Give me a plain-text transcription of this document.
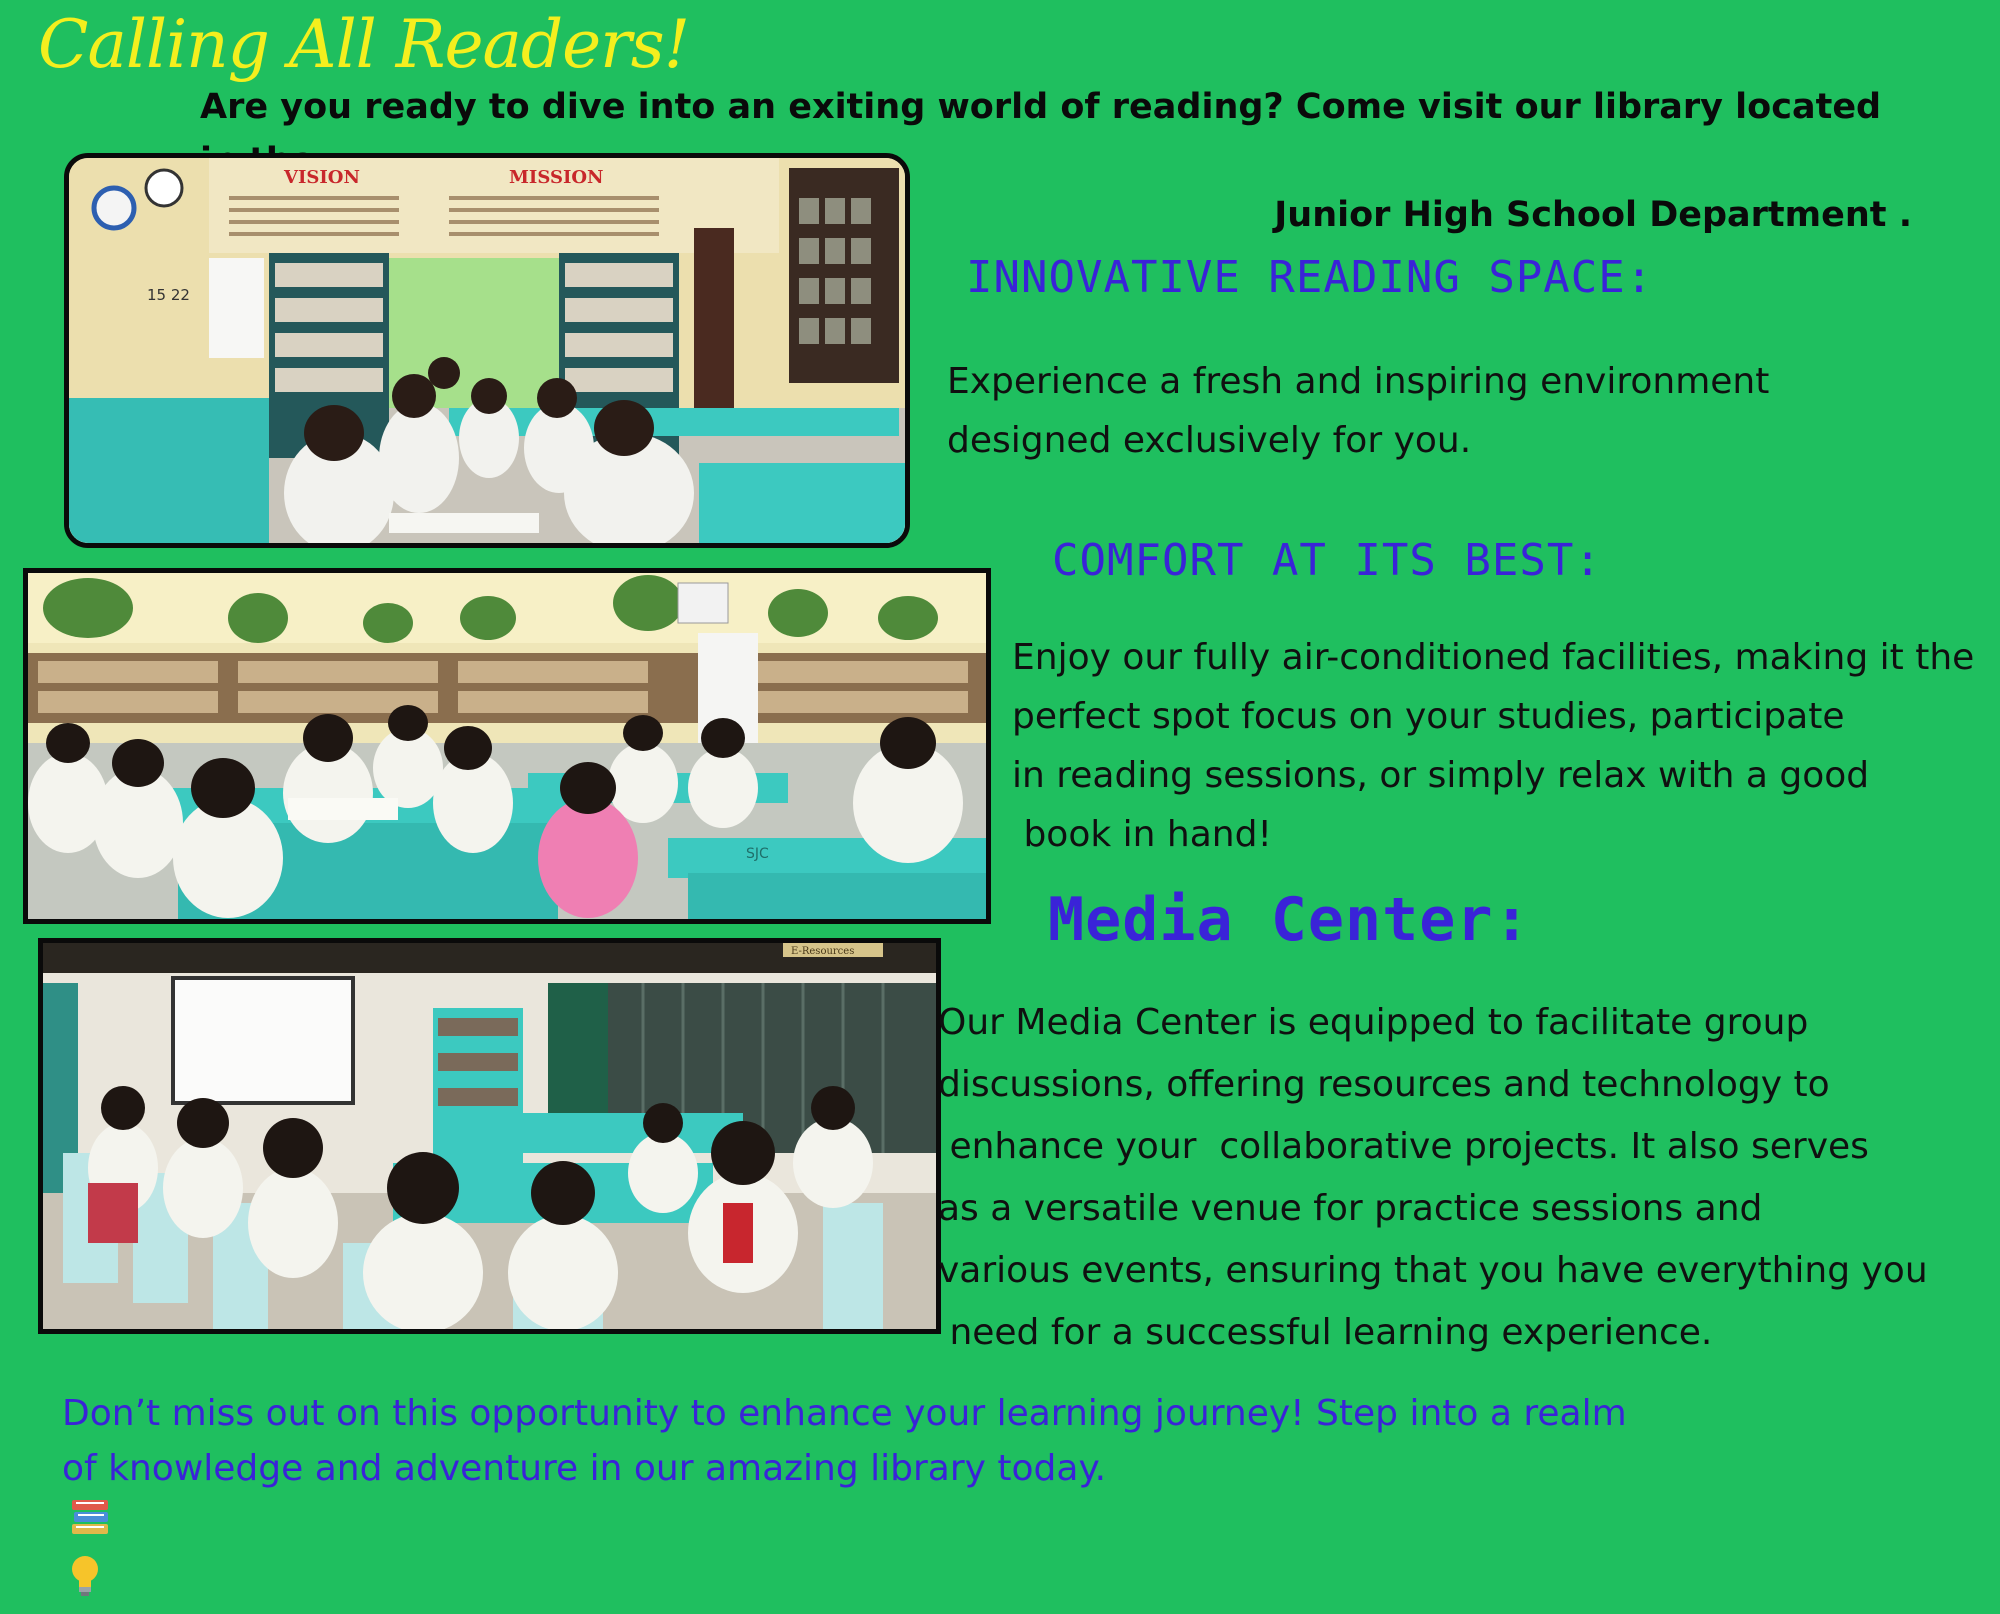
Calling All Readers!
Are you ready to dive into an exiting world of reading? Come visit our library located
Junior High School Department .
VISION	MISSION
15 22
SJC
E-Resources
INNOVATIVE READING SPACE:
Experience a fresh and inspiring environment
designed exclusively for you.
COMFORT AT ITS BEST:
Enjoy our fully air-conditioned facilities, making it the
perfect spot focus on your studies, participate
in reading sessions, or simply relax with a good
book in hand!
Media Center:
Our Media Center is equipped to facilitate group
discussions, offering resources and technology to
enhance your  collaborative projects. It also serves
as a versatile venue for practice sessions and
various events, ensuring that you have everything you
need for a successful learning experience.
Don’t miss out on this opportunity to enhance your learning journey! Step into a realm
of knowledge and adventure in our amazing library today.
